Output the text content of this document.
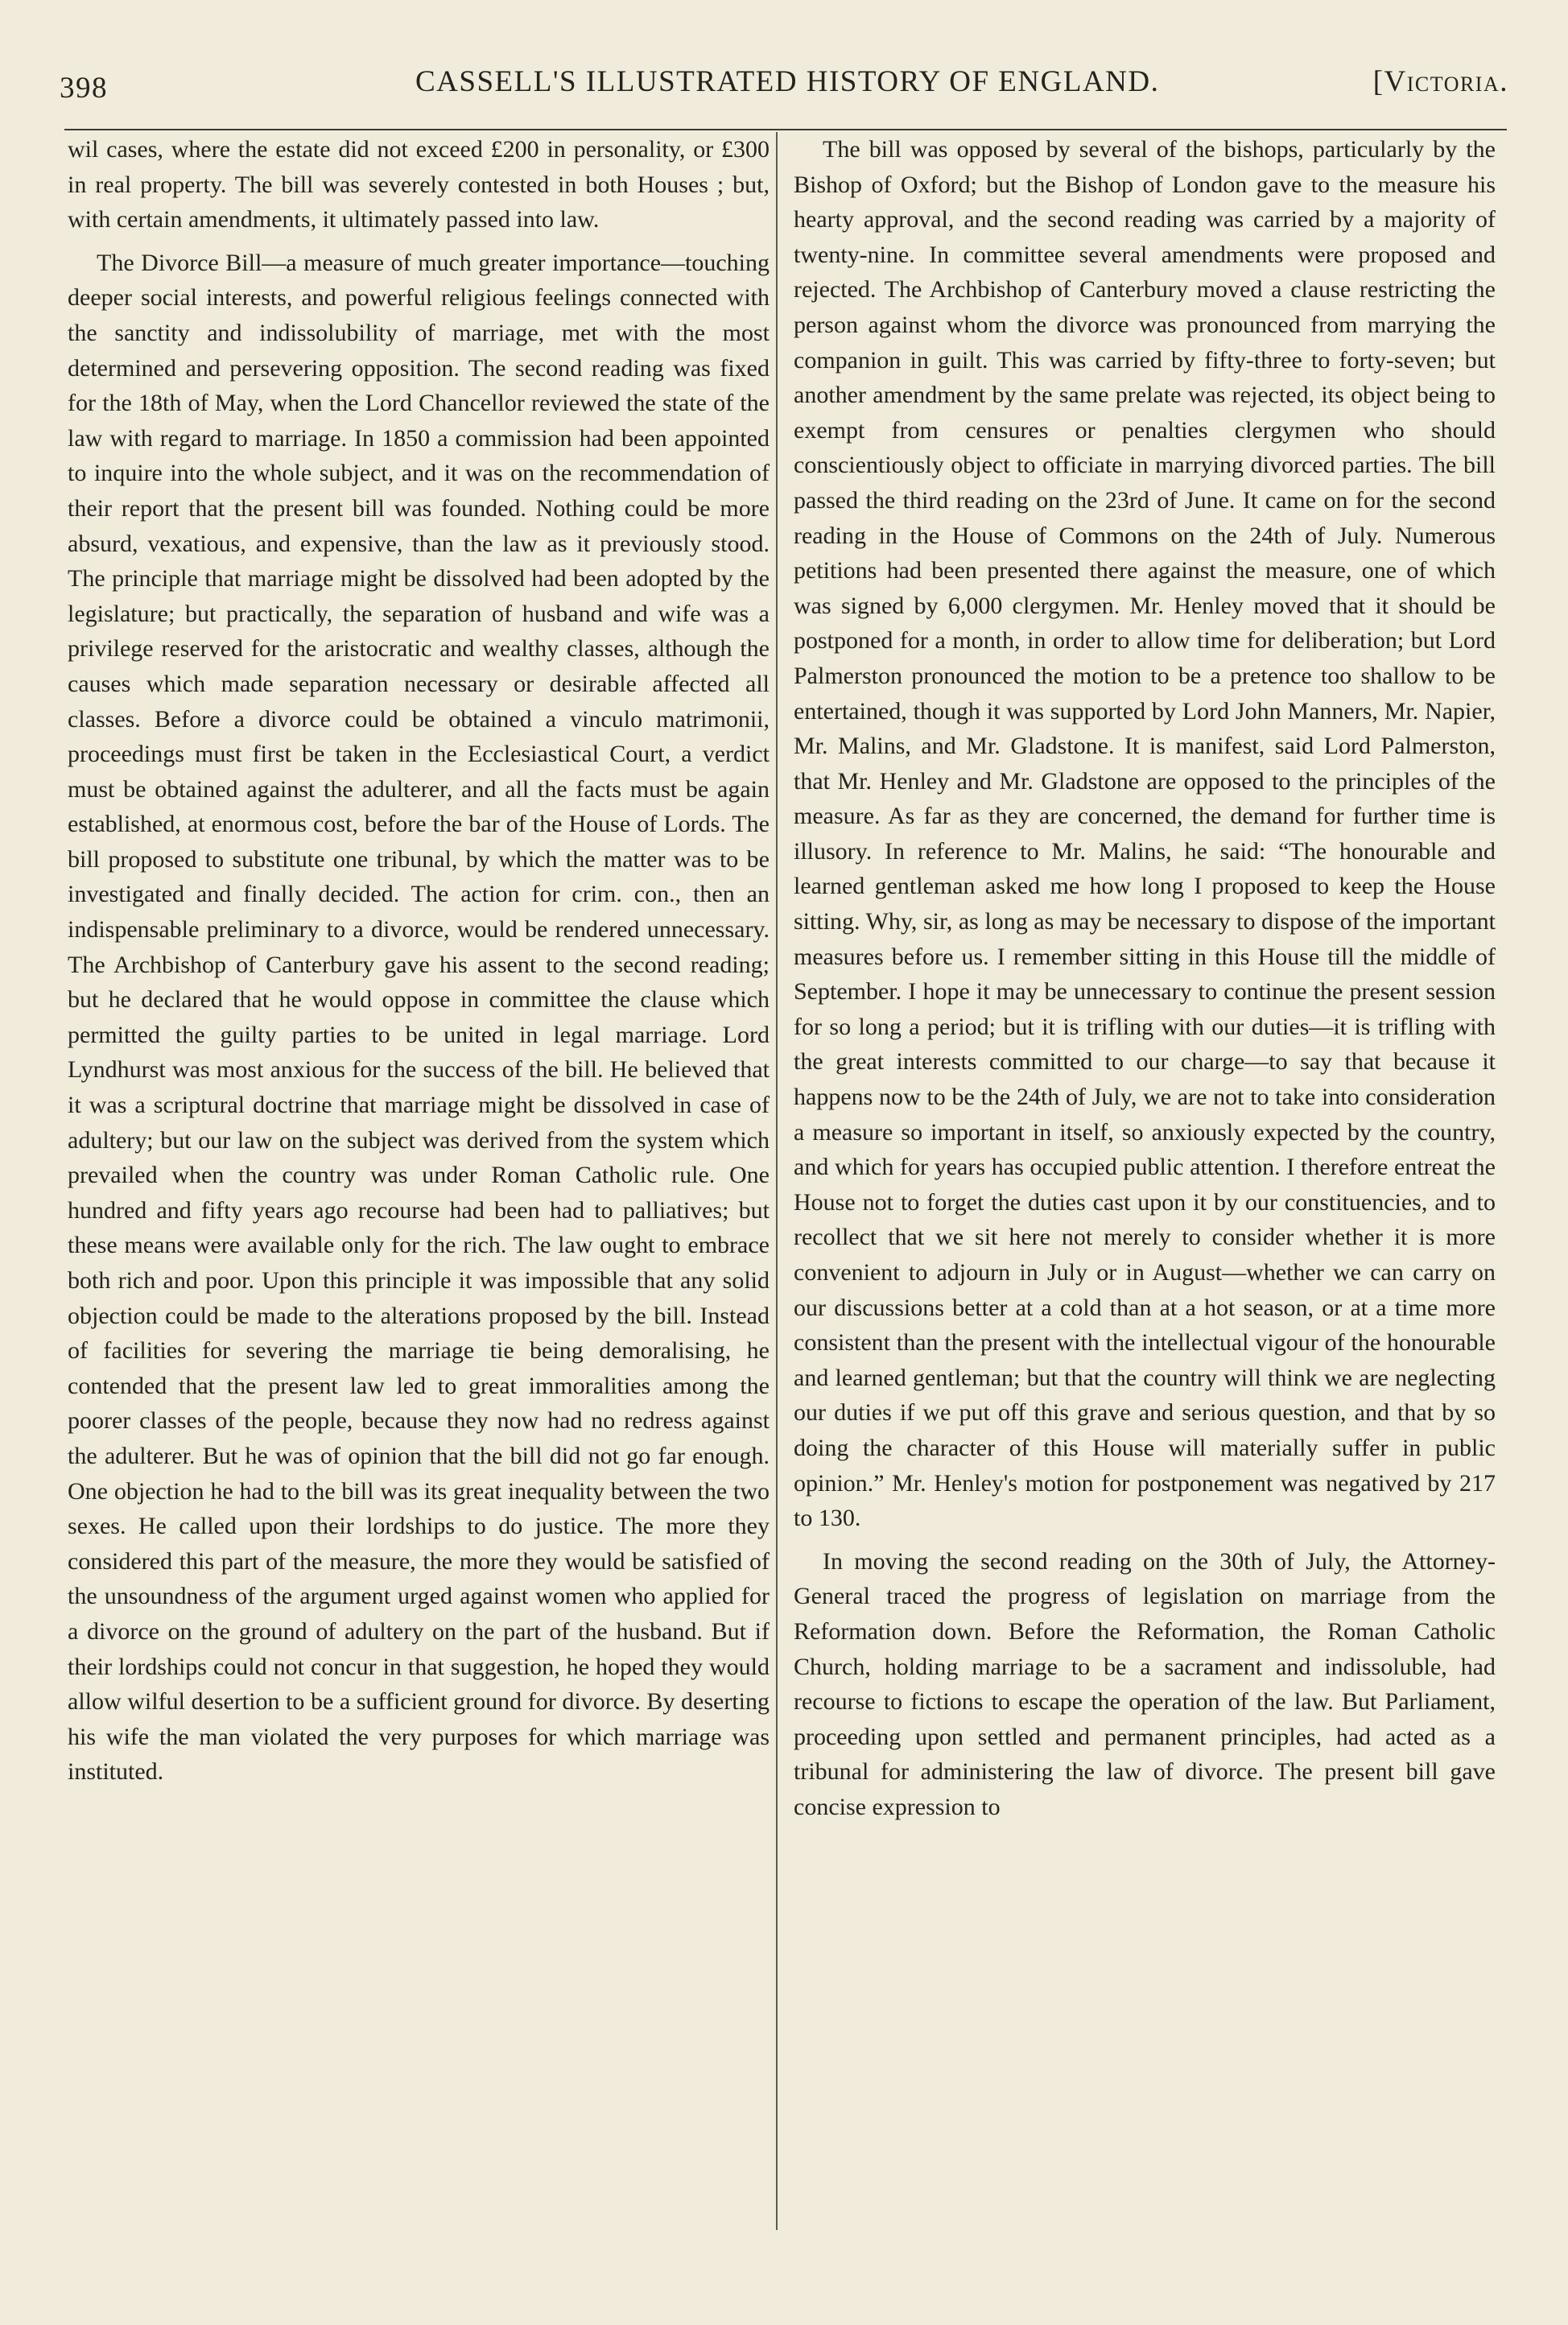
398	CASSELL'S ILLUSTRATED HISTORY OF ENGLAND.	[Victoria.

wil cases, where the estate did not exceed £200 in personality, or £300 in real property. The bill was severely contested in both Houses ; but, with certain amendments, it ultimately passed into law.

The Divorce Bill—a measure of much greater importance—touching deeper social interests, and powerful religious feelings connected with the sanctity and indissolubility of marriage, met with the most determined and persevering opposition. The second reading was fixed for the 18th of May, when the Lord Chancellor reviewed the state of the law with regard to marriage. In 1850 a commission had been appointed to inquire into the whole subject, and it was on the recommendation of their report that the present bill was founded. Nothing could be more absurd, vexatious, and expensive, than the law as it previously stood. The principle that marriage might be dissolved had been adopted by the legislature; but practically, the separation of husband and wife was a privilege reserved for the aristocratic and wealthy classes, although the causes which made separation necessary or desirable affected all classes. Before a divorce could be obtained a vinculo matrimonii, proceedings must first be taken in the Ecclesiastical Court, a verdict must be obtained against the adulterer, and all the facts must be again established, at enormous cost, before the bar of the House of Lords. The bill proposed to substitute one tribunal, by which the matter was to be investigated and finally decided. The action for crim. con., then an indispensable preliminary to a divorce, would be rendered unnecessary. The Archbishop of Canterbury gave his assent to the second reading; but he declared that he would oppose in committee the clause which permitted the guilty parties to be united in legal marriage. Lord Lyndhurst was most anxious for the success of the bill. He believed that it was a scriptural doctrine that marriage might be dissolved in case of adultery; but our law on the subject was derived from the system which prevailed when the country was under Roman Catholic rule. One hundred and fifty years ago recourse had been had to palliatives; but these means were available only for the rich. The law ought to embrace both rich and poor. Upon this principle it was impossible that any solid objection could be made to the alterations proposed by the bill. Instead of facilities for severing the marriage tie being demoralising, he contended that the present law led to great immoralities among the poorer classes of the people, because they now had no redress against the adulterer. But he was of opinion that the bill did not go far enough. One objection he had to the bill was its great inequality between the two sexes. He called upon their lordships to do justice. The more they considered this part of the measure, the more they would be satisfied of the unsoundness of the argument urged against women who applied for a divorce on the ground of adultery on the part of the husband. But if their lordships could not concur in that suggestion, he hoped they would allow wilful desertion to be a sufficient ground for divorce. By deserting his wife the man violated the very purposes for which marriage was instituted.

The bill was opposed by several of the bishops, particularly by the Bishop of Oxford; but the Bishop of London gave to the measure his hearty approval, and the second reading was carried by a majority of twenty-nine. In committee several amendments were proposed and rejected. The Archbishop of Canterbury moved a clause restricting the person against whom the divorce was pronounced from marrying the companion in guilt. This was carried by fifty-three to forty-seven; but another amendment by the same prelate was rejected, its object being to exempt from censures or penalties clergymen who should conscientiously object to officiate in marrying divorced parties. The bill passed the third reading on the 23rd of June. It came on for the second reading in the House of Commons on the 24th of July. Numerous petitions had been presented there against the measure, one of which was signed by 6,000 clergymen. Mr. Henley moved that it should be postponed for a month, in order to allow time for deliberation; but Lord Palmerston pronounced the motion to be a pretence too shallow to be entertained, though it was supported by Lord John Manners, Mr. Napier, Mr. Malins, and Mr. Gladstone. It is manifest, said Lord Palmerston, that Mr. Henley and Mr. Gladstone are opposed to the principles of the measure. As far as they are concerned, the demand for further time is illusory. In reference to Mr. Malins, he said: “The honourable and learned gentleman asked me how long I proposed to keep the House sitting. Why, sir, as long as may be necessary to dispose of the important measures before us. I remember sitting in this House till the middle of September. I hope it may be unnecessary to continue the present session for so long a period; but it is trifling with our duties—it is trifling with the great interests committed to our charge—to say that because it happens now to be the 24th of July, we are not to take into consideration a measure so important in itself, so anxiously expected by the country, and which for years has occupied public attention. I therefore entreat the House not to forget the duties cast upon it by our constituencies, and to recollect that we sit here not merely to consider whether it is more convenient to adjourn in July or in August—whether we can carry on our discussions better at a cold than at a hot season, or at a time more consistent than the present with the intellectual vigour of the honourable and learned gentleman; but that the country will think we are neglecting our duties if we put off this grave and serious question, and that by so doing the character of this House will materially suffer in public opinion.” Mr. Henley's motion for postponement was negatived by 217 to 130.

In moving the second reading on the 30th of July, the Attorney-General traced the progress of legislation on marriage from the Reformation down. Before the Reformation, the Roman Catholic Church, holding marriage to be a sacrament and indissoluble, had recourse to fictions to escape the operation of the law. But Parliament, proceeding upon settled and permanent principles, had acted as a tribunal for administering the law of divorce. The present bill gave concise expression to
